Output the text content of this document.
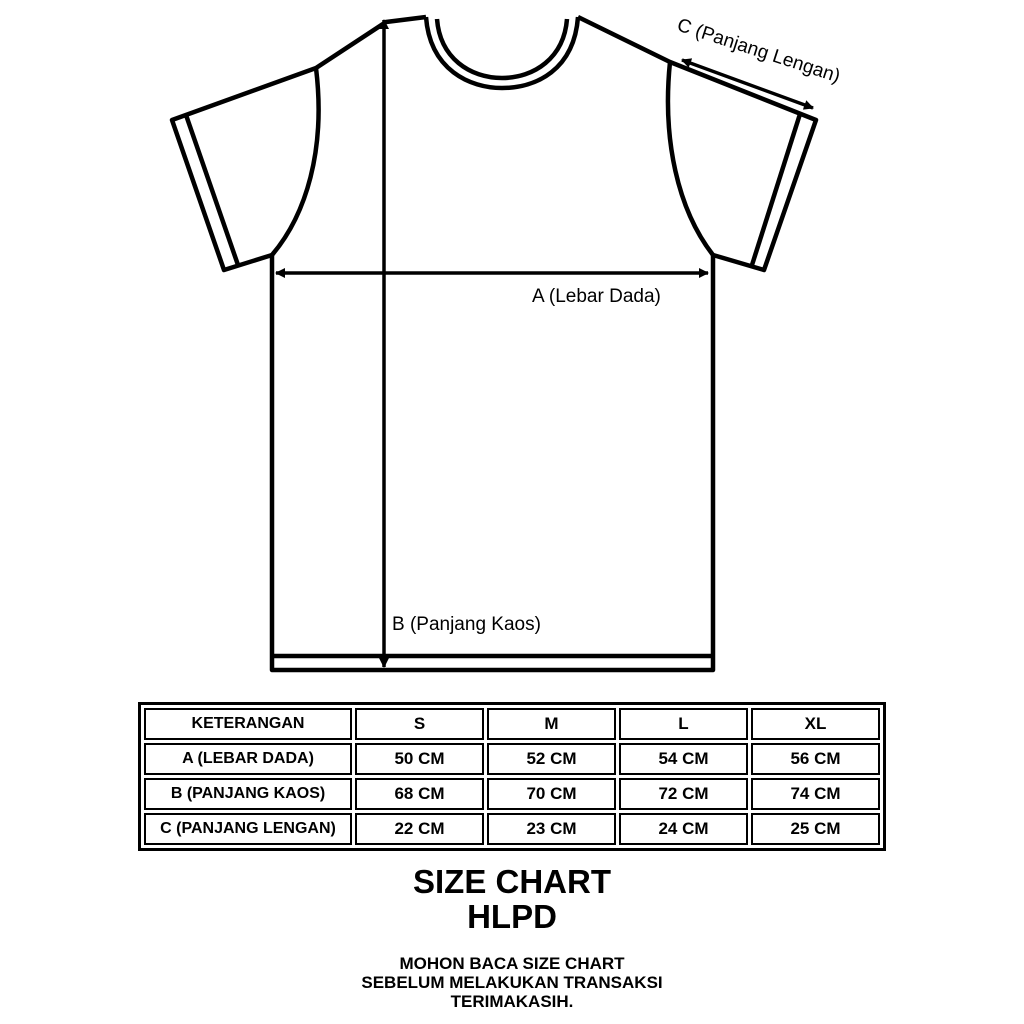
A (Lebar Dada)
B (Panjang Kaos)
C (Panjang Lengan)
KETERANGAN	S	M	L	XL
A (LEBAR DADA)	50 CM	52 CM	54 CM	56 CM
B (PANJANG KAOS)	68 CM	70 CM	72 CM	74 CM
C (PANJANG LENGAN)	22 CM	23 CM	24 CM	25 CM
SIZE CHART
HLPD
MOHON BACA SIZE CHART
SEBELUM MELAKUKAN TRANSAKSI
TERIMAKASIH.
